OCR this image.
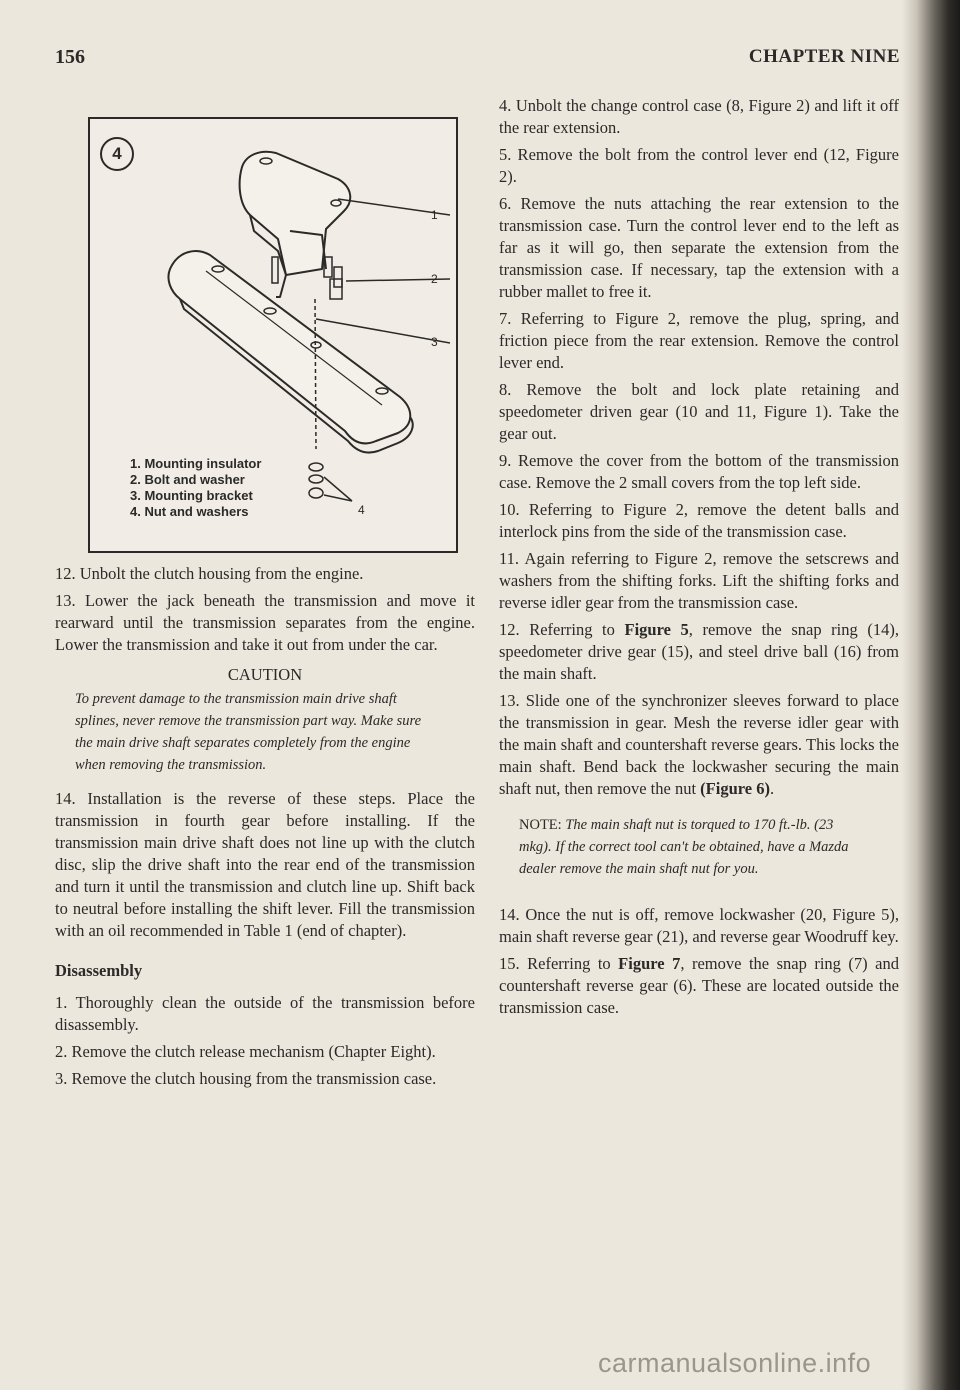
156	CHAPTER NINE
4
1
2
3
4
1. Mounting insulator
2. Bolt and washer
3. Mounting bracket
4. Nut and washers

12. Unbolt the clutch housing from the engine.

13. Lower the jack beneath the transmission and move it rearward until the transmission separates from the engine. Lower the transmission and take it out from under the car.

CAUTION
To prevent damage to the transmission main drive shaft splines, never remove the transmission part way. Make sure the main drive shaft separates completely from the engine when removing the transmission.

14. Installation is the reverse of these steps. Place the transmission in fourth gear before installing. If the transmission main drive shaft does not line up with the clutch disc, slip the drive shaft into the rear end of the transmission and turn it until the transmission and clutch line up. Shift back to neutral before installing the shift lever. Fill the transmission with an oil recommended in Table 1 (end of chapter).

Disassembly

1. Thoroughly clean the outside of the transmission before disassembly.

2. Remove the clutch release mechanism (Chapter Eight).

3. Remove the clutch housing from the transmission case.

4. Unbolt the change control case (8, Figure 2) and lift it off the rear extension.

5. Remove the bolt from the control lever end (12, Figure 2).

6. Remove the nuts attaching the rear extension to the transmission case. Turn the control lever end to the left as far as it will go, then separate the extension from the transmission case. If necessary, tap the extension with a rubber mallet to free it.

7. Referring to Figure 2, remove the plug, spring, and friction piece from the rear extension. Remove the control lever end.

8. Remove the bolt and lock plate retaining and speedometer driven gear (10 and 11, Figure 1). Take the gear out.

9. Remove the cover from the bottom of the transmission case. Remove the 2 small covers from the top left side.

10. Referring to Figure 2, remove the detent balls and interlock pins from the side of the transmission case.

11. Again referring to Figure 2, remove the setscrews and washers from the shifting forks. Lift the shifting forks and reverse idler gear from the transmission case.

12. Referring to Figure 5, remove the snap ring (14), speedometer drive gear (15), and steel drive ball (16) from the main shaft.

13. Slide one of the synchronizer sleeves forward to place the transmission in gear. Mesh the reverse idler gear with the main shaft and countershaft reverse gears. This locks the main shaft. Bend back the lockwasher securing the main shaft nut, then remove the nut (Figure 6).

NOTE: The main shaft nut is torqued to 170 ft.-lb. (23 mkg). If the correct tool can't be obtained, have a Mazda dealer remove the main shaft nut for you.

14. Once the nut is off, remove lockwasher (20, Figure 5), main shaft reverse gear (21), and reverse gear Woodruff key.

15. Referring to Figure 7, remove the snap ring (7) and countershaft reverse gear (6). These are located outside the transmission case.

carmanualsonline.info
